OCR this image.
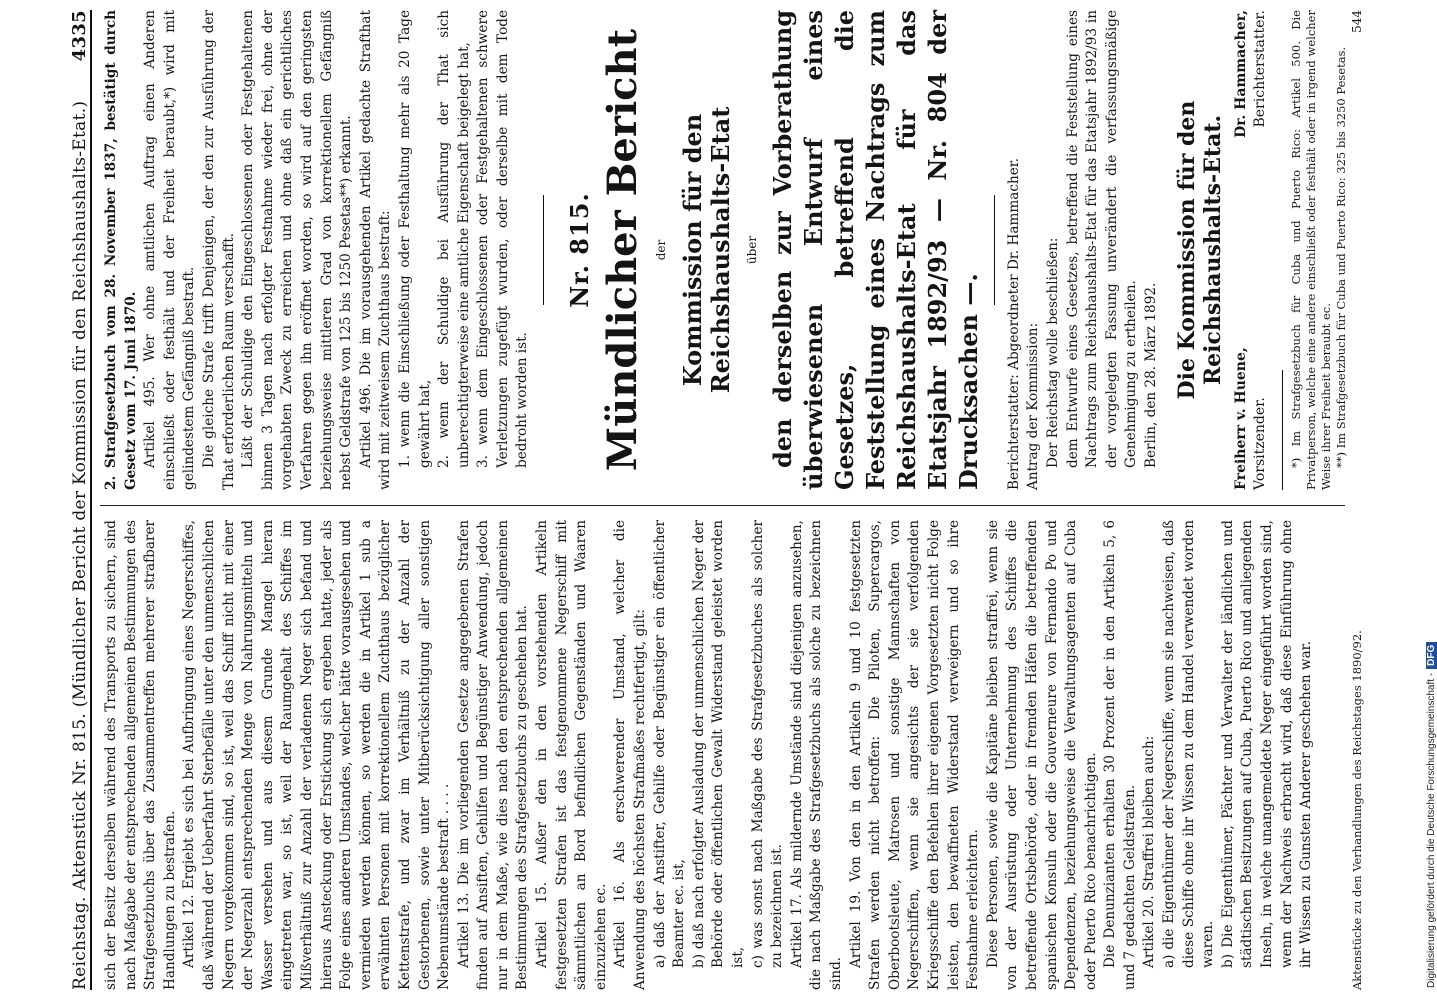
Reichstag. Aktenstück Nr. 815. (Mündlicher Bericht der Kommission für den Reichshaushalts-Etat.)
4335

sich der Besitz derselben während des Transports zu sichern, sind nach Maßgabe der entsprechenden allgemeinen Bestimmungen des Strafgesetzbuchs über das Zusammentreffen mehrerer strafbarer Handlungen zu bestrafen. Artikel 12. Ergiebt es sich bei Aufbringung eines Negerschiffes, daß während der Ueberfahrt Sterbefälle unter den unmenschlichen Negern vorgekommen sind, so ist, weil das Schiff nicht mit einer der Negerzahl entsprechenden Menge von Nahrungsmitteln und Wasser versehen und aus diesem Grunde Mangel hieran eingetreten war, so ist, weil der Raumgehalt des Schiffes im Mißverhältniß zur Anzahl der verladenen Neger sich befand und hieraus Ansteckung oder Erstickung sich ergeben hatte, jeder als Folge eines anderen Umstandes, welcher hätte vorausgesehen und vermieden werden können, so werden die in Artikel 1 sub a erwähnten Personen mit korrektionellem Zuchthaus bezüglicher Kettenstrafe, und zwar im Verhältniß zu der Anzahl der Gestorbenen, sowie unter Mitberücksichtigung aller sonstigen Nebenumstände bestraft . . . . Artikel 13. Die im vorliegenden Gesetze angegebenen Strafen finden auf Ansiften, Gehilfen und Begünstiger Anwendung, jedoch nur in dem Maße, wie dies nach den entsprechenden allgemeinen Bestimmungen des Strafgesetzbuchs zu geschehen hat. Artikel 15. Außer den in den vorstehenden Artikeln festgesetzten Strafen ist das festgenommene Negerschiff mit sämmtlichen an Bord befindlichen Gegenständen und Waaren einzuziehen ec. Artikel 16. Als erschwerender Umstand, welcher die Anwendung des höchsten Strafmaßes rechtfertigt, gilt: a) daß der Anstifter, Gehilfe oder Begünstiger ein öffentlicher Beamter ec. ist, b) daß nach erfolgter Ausladung der unmenschlichen Neger der Behörde oder öffentlichen Gewalt Widerstand geleistet worden ist, c) was sonst nach Maßgabe des Strafgesetzbuches als solcher zu bezeichnen ist. Artikel 17. Als mildernde Umstände sind diejenigen anzusehen, die nach Maßgabe des Strafgesetzbuchs als solche zu bezeichnen sind.

Artikel 19. Von den in den Artikeln 9 und 10 festgesetzten Strafen werden nicht betroffen: Die Piloten, Supercargos, Oberbootsleute, Matrosen und sonstige Mannschaften von Negerschiffen, wenn sie angesichts der sie verfolgenden Kriegsschiffe den Befehlen ihrer eigenen Vorgesetzten nicht Folge leisten, den bewaffneten Widerstand verweigern und so ihre Festnahme erleichtern. Diese Personen, sowie die Kapitäne bleiben straffrei, wenn sie von der Ausrüstung oder Unternehmung des Schiffes die betreffende Ortsbehörde, oder in fremden Häfen die betreffenden spanischen Konsuln oder die Gouverneure von Fernando Po und Dependenzen, beziehungsweise die Verwaltungsagenten auf Cuba oder Puerto Rico benachrichtigen. Die Denunzianten erhalten 30 Prozent der in den Artikeln 5, 6 und 7 gedachten Geldstrafen. Artikel 20. Straffrei bleiben auch: a) die Eigenthümer der Negerschiffe, wenn sie nachweisen, daß diese Schiffe ohne ihr Wissen zu dem Handel verwendet worden waren. b) Die Eigenthümer, Pächter und Verwalter der ländlichen und städtischen Besitzungen auf Cuba, Puerto Rico und anliegenden Inseln, in welche unangemeldete Neger eingeführt worden sind, wenn der Nachweis erbracht wird, daß diese Einführung ohne ihr Wissen zu Gunsten Anderer geschehen war.

2. Strafgesetzbuch vom 28. November 1837, bestätigt durch Gesetz vom 17. Juni 1870. Artikel 495. Wer ohne amtlichen Auftrag einen Anderen einschließt oder festhält und der Freiheit beraubt,*) wird mit gelindestem Gefängniß bestraft. Die gleiche Strafe trifft Denjenigen, der den zur Ausführung der That erforderlichen Raum verschafft. Läßt der Schuldige den Eingeschlossenen oder Festgehaltenen binnen 3 Tagen nach erfolgter Festnahme wieder frei, ohne der vorgehabten Zweck zu erreichen und ohne daß ein gerichtliches Verfahren gegen ihn eröffnet worden, so wird auf den geringsten beziehungsweise mittleren Grad von korrektionellem Gefängniß nebst Geldstrafe von 125 bis 1250 Pesetas**) erkannt. Artikel 496. Die im vorausgehenden Artikel gedachte Strafthat wird mit zeitweisem Zuchthaus bestraft: 1. wenn die Einschließung oder Festhaltung mehr als 20 Tage gewährt hat, 2. wenn der Schuldige bei Ausführung der That sich unberechtigterweise eine amtliche Eigenschaft beigelegt hat, 3. wenn dem Eingeschlossenen oder Festgehaltenen schwere Verletzungen zugefügt wurden, oder derselbe mit dem Tode bedroht worden ist.

Nr. 815. Mündlicher Bericht der Kommission für den Reichshaushalts-Etat über den derselben zur Vorberathung überwiesenen Entwurf eines Gesetzes, betreffend die Feststellung eines Nachtrags zum Reichshaushalts-Etat für das Etatsjahr 1892/93 — Nr. 804 der Drucksachen —. Berichterstatter: Abgeordneter Dr. Hammacher. Antrag der Kommission: Der Reichstag wolle beschließen: dem Entwurfe eines Gesetzes, betreffend die Feststellung eines Nachtrags zum Reichshaushalts-Etat für das Etatsjahr 1892/93 in der vorgelegten Fassung unverändert die verfassungsmäßige Genehmigung zu ertheilen. Berlin, den 28. März 1892. Die Kommission für den Reichshaushalts-Etat.
Freiherr v. Huene, Vorsitzender.
Dr. Hammacher, Berichterstatter. *) Im Strafgesetzbuch für Cuba und Puerto Rico: Artikel 500. Die Privatperson, welche eine andere einschließt oder festhält oder in irgend welcher Weise ihrer Freiheit beraubt ec. **) Im Strafgesetzbuch für Cuba und Puerto Rico: 325 bis 3250 Pesetas.

Aktenstücke zu den Verhandlungen des Reichstages 1890/92.
544
Digitalisierung gefördert durch die Deutsche Forschungsgemeinschaft -DFG
